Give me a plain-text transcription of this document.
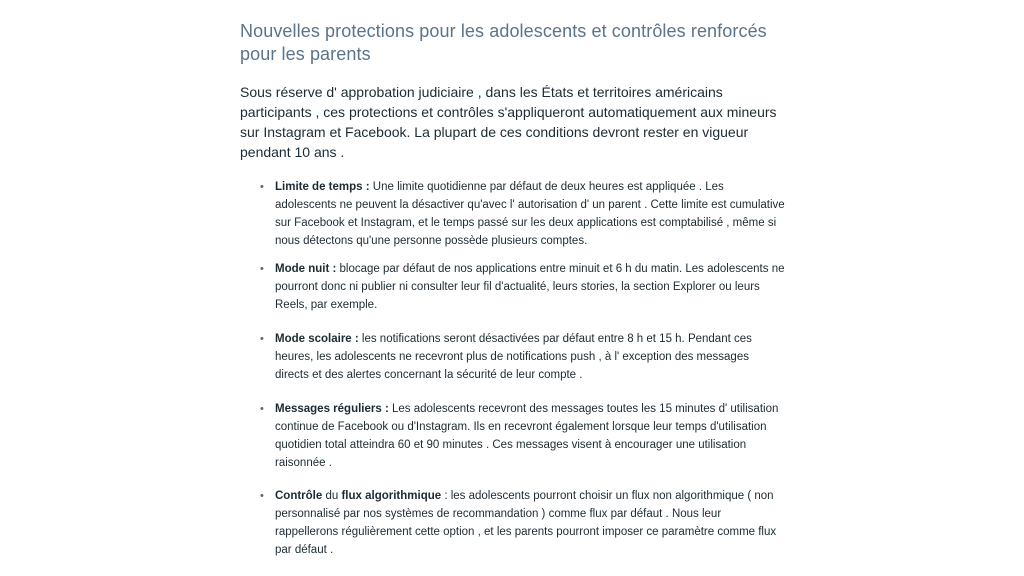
Nouvelles protections pour les adolescents et contrôles renforcés pour les parents

Sous réserve d' approbation judiciaire , dans les États et territoires américains participants , ces protections et contrôles s'appliqueront automatiquement aux mineurs sur Instagram et Facebook. La plupart de ces conditions devront rester en vigueur pendant 10 ans .

• Limite de temps : Une limite quotidienne par défaut de deux heures est appliquée . Les adolescents ne peuvent la désactiver qu'avec l' autorisation d' un parent . Cette limite est cumulative sur Facebook et Instagram, et le temps passé sur les deux applications est comptabilisé , même si nous détectons qu'une personne possède plusieurs comptes.
• Mode nuit : blocage par défaut de nos applications entre minuit et 6 h du matin. Les adolescents ne pourront donc ni publier ni consulter leur fil d'actualité, leurs stories, la section Explorer ou leurs Reels, par exemple.
• Mode scolaire : les notifications seront désactivées par défaut entre 8 h et 15 h. Pendant ces heures, les adolescents ne recevront plus de notifications push , à l' exception des messages directs et des alertes concernant la sécurité de leur compte .
• Messages réguliers : Les adolescents recevront des messages toutes les 15 minutes d' utilisation continue de Facebook ou d'Instagram. Ils en recevront également lorsque leur temps d'utilisation quotidien total atteindra 60 et 90 minutes . Ces messages visent à encourager une utilisation raisonnée .
• Contrôle du flux algorithmique : les adolescents pourront choisir un flux non algorithmique ( non personnalisé par nos systèmes de recommandation ) comme flux par défaut . Nous leur rappellerons régulièrement cette option , et les parents pourront imposer ce paramètre comme flux par défaut .
